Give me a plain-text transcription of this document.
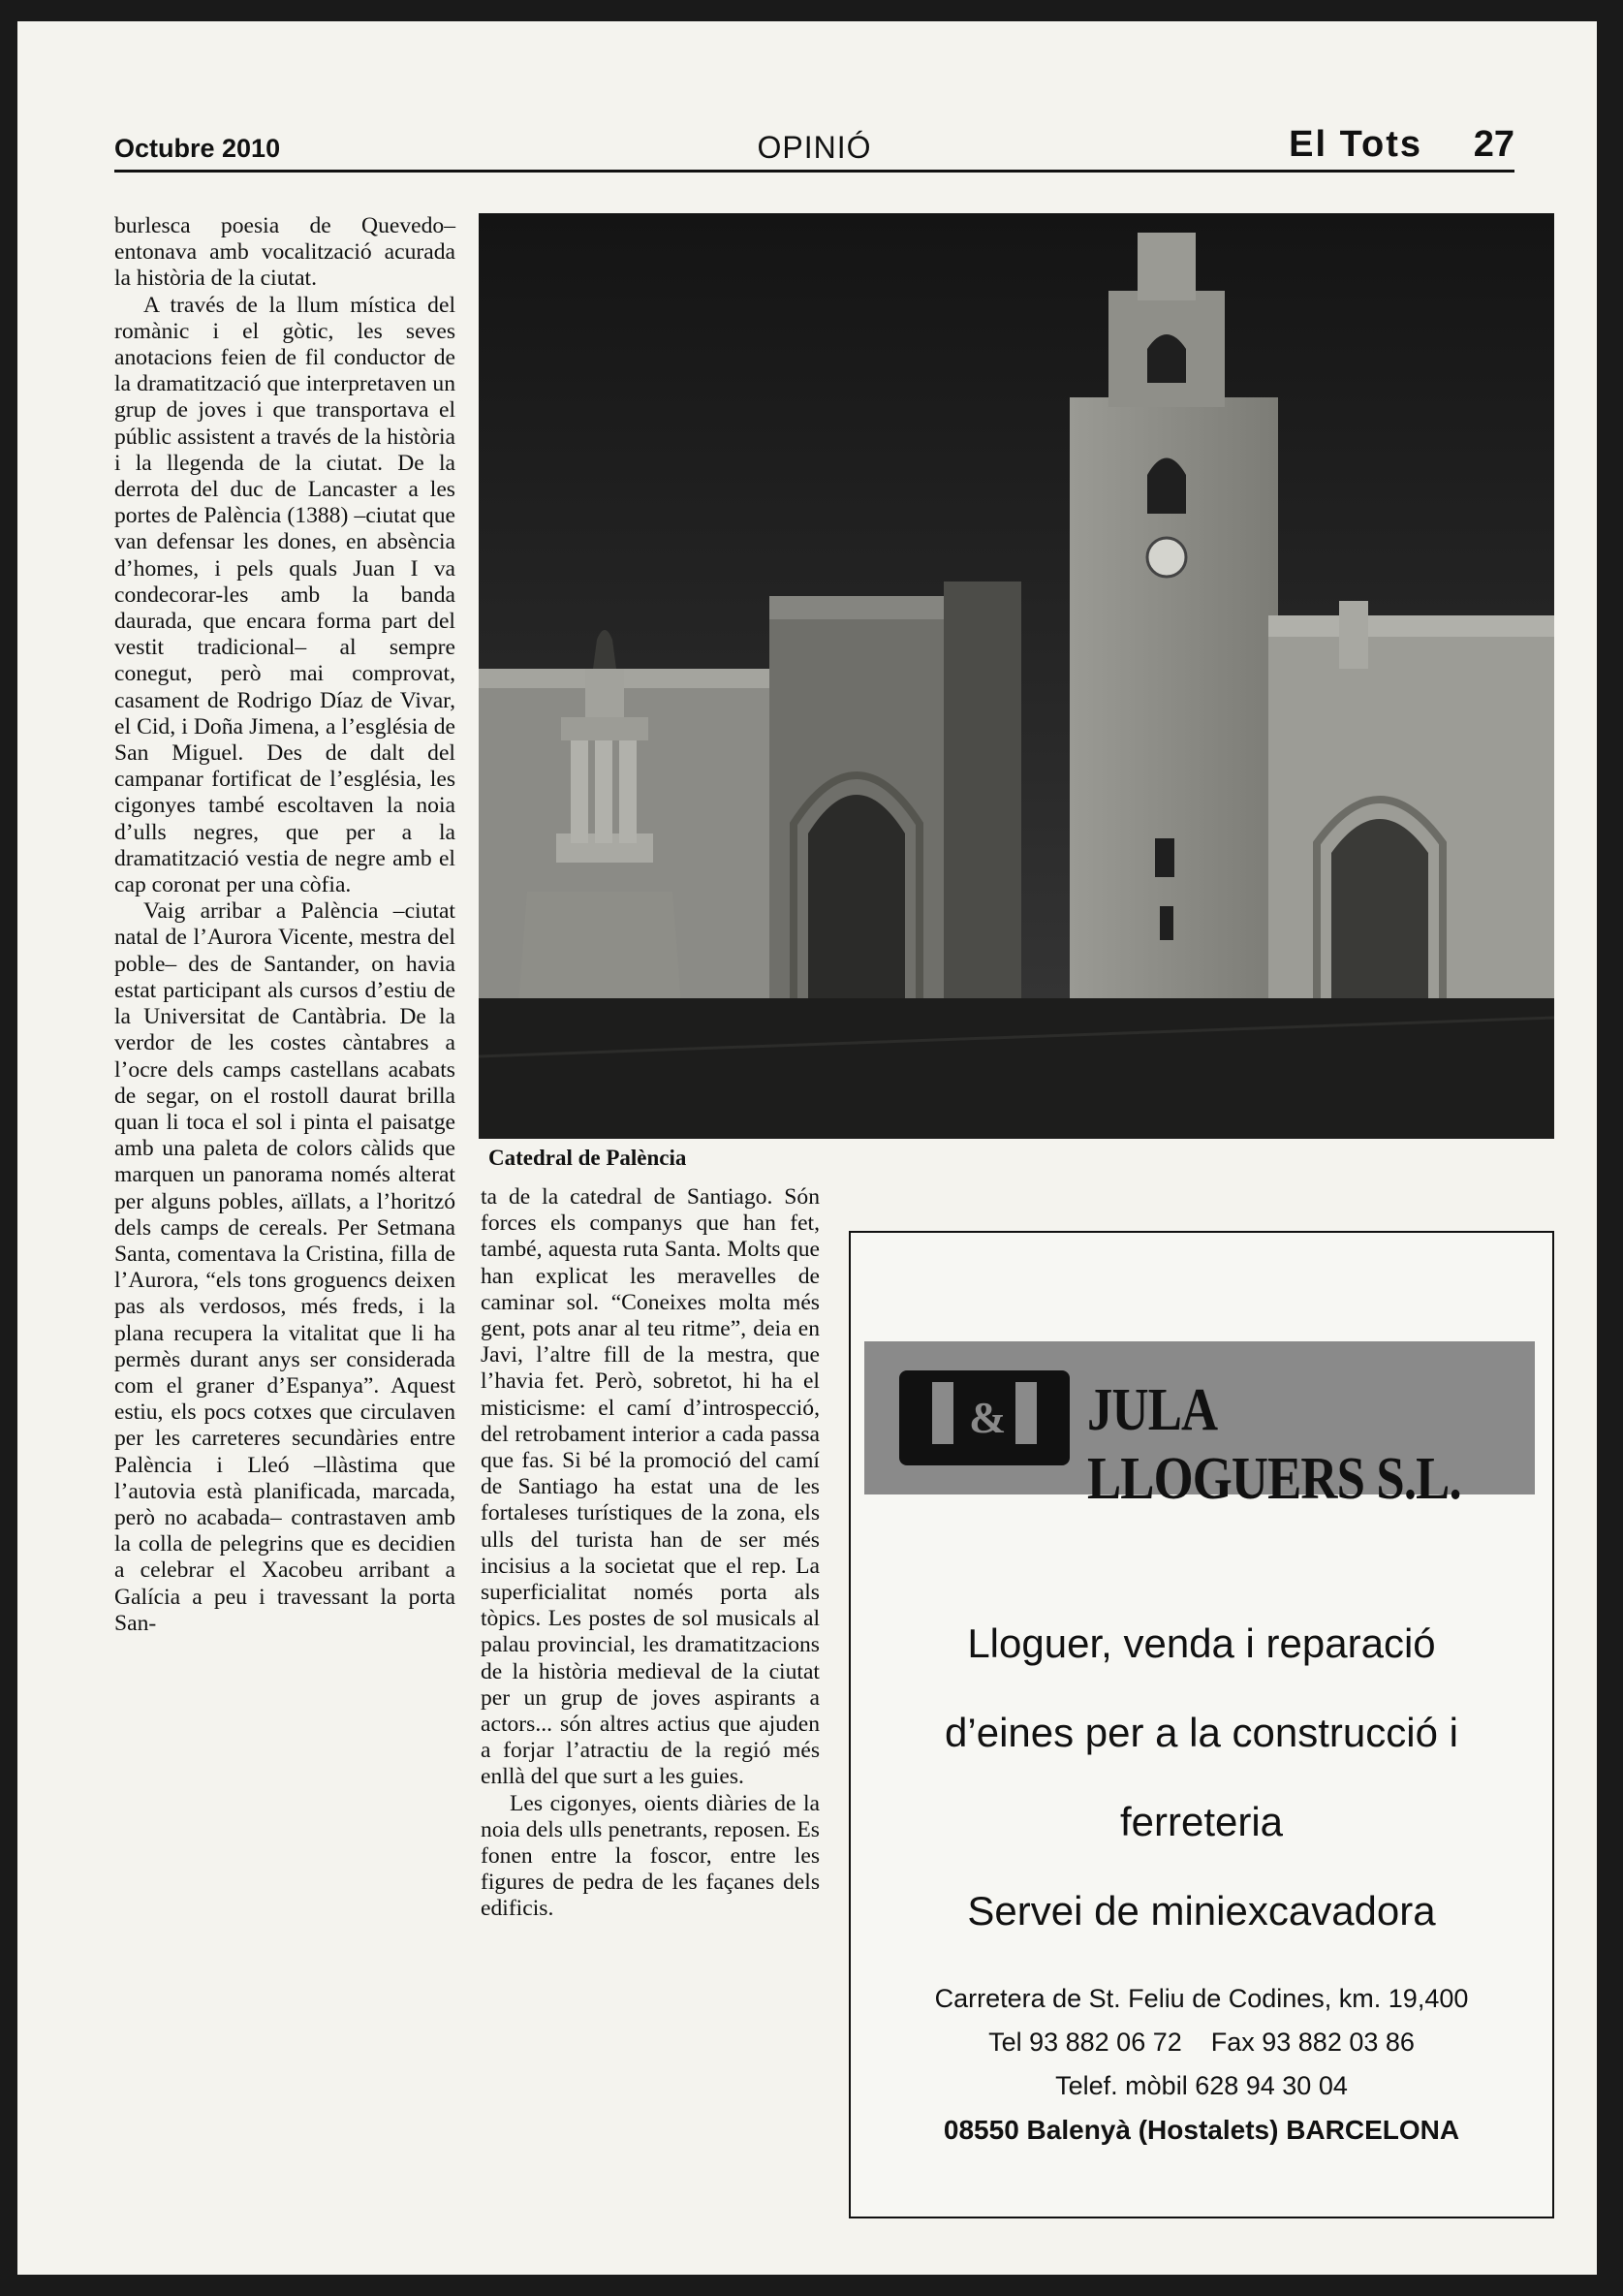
Octubre 2010	OPINIÓ	El Tots 27

burlesca poesia de Quevedo– entonava amb vocalització acurada la història de la ciutat.

A través de la llum mística del romànic i el gòtic, les seves anotacions feien de fil conductor de la dramatització que interpretaven un grup de joves i que transportava el públic assistent a través de la història i la llegenda de la ciutat. De la derrota del duc de Lancaster a les portes de Palència (1388) –ciutat que van defensar les dones, en absència d’homes, i pels quals Juan I va condecorar-les amb la banda daurada, que encara forma part del vestit tradicional– al sempre conegut, però mai comprovat, casament de Rodrigo Díaz de Vivar, el Cid, i Doña Jimena, a l’església de San Miguel. Des de dalt del campanar fortificat de l’església, les cigonyes també escoltaven la noia d’ulls negres, que per a la dramatització vestia de negre amb el cap coronat per una còfia.

Vaig arribar a Palència –ciutat natal de l’Aurora Vicente, mestra del poble– des de Santander, on havia estat participant als cursos d’estiu de la Universitat de Cantàbria. De la verdor de les costes càntabres a l’ocre dels camps castellans acabats de segar, on el rostoll daurat brilla quan li toca el sol i pinta el paisatge amb una paleta de colors càlids que marquen un panorama només alterat per alguns pobles, aïllats, a l’horitzó dels camps de cereals. Per Setmana Santa, comentava la Cristina, filla de l’Aurora, “els tons groguencs deixen pas als verdosos, més freds, i la plana recupera la vitalitat que li ha permès durant anys ser considerada com el graner d’Espanya”. Aquest estiu, els pocs cotxes que circulaven per les carreteres secundàries entre Palència i Lleó –llàstima que l’autovia està planificada, marcada, però no acabada– contrastaven amb la colla de pelegrins que es decidien a celebrar el Xacobeu arribant a Galícia a peu i travessant la porta San-

Catedral de Palència

ta de la catedral de Santiago. Són forces els companys que han fet, també, aquesta ruta Santa. Molts que han explicat les meravelles de caminar sol. “Coneixes molta més gent, pots anar al teu ritme”, deia en Javi, l’altre fill de la mestra, que l’havia fet. Però, sobretot, hi ha el misticisme: el camí d’introspecció, del retrobament interior a cada passa que fas. Si bé la promoció del camí de Santiago ha estat una de les fortaleses turístiques de la zona, els ulls del turista han de ser més incisius a la societat que el rep. La superficialitat només porta als tòpics. Les postes de sol musicals al palau provincial, les dramatitzacions de la història medieval de la ciutat per un grup de joves aspirants a actors... són altres actius que ajuden a forjar l’atractiu de la regió més enllà del que surt a les guies.

Les cigonyes, oients diàries de la noia dels ulls penetrants, reposen. Es fonen entre la foscor, entre les figures de pedra de les façanes dels edificis.

& JULA LLOGUERS S.L.
Lloguer, venda i reparació
d’eines per a la construcció i
ferreteria
Servei de miniexcavadora
Carretera de St. Feliu de Codines, km. 19,400
Tel 93 882 06 72    Fax 93 882 03 86
Telef. mòbil 628 94 30 04
08550 Balenyà (Hostalets) BARCELONA
